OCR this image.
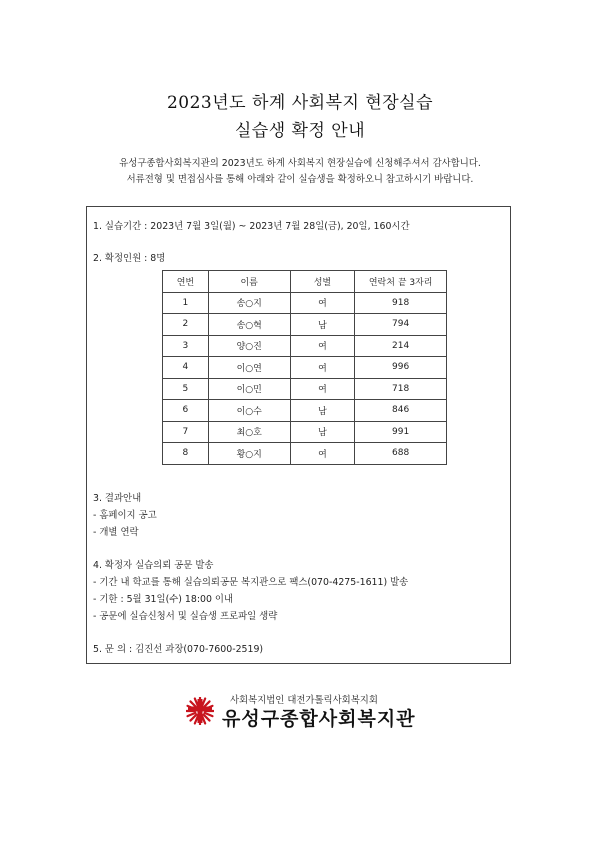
2023년도 하계 사회복지 현장실습
실습생 확정 안내
유성구종합사회복지관의 2023년도 하계 사회복지 현장실습에 신청해주셔서 감사합니다.
서류전형 및 면접심사를 통해 아래와 같이 실습생을 확정하오니 참고하시기 바랍니다.
1. 실습기간 : 2023년 7월 3일(월) ~ 2023년 7월 28일(금), 20일, 160시간
2. 확정인원 : 8명
연번	이름	성별	연락처 끝 3자리
1	송○지	여	918
2	송○혁	남	794
3	양○진	여	214
4	이○연	여	996
5	이○민	여	718
6	이○수	남	846
7	최○호	남	991
8	황○지	여	688
3. 결과안내
- 홈페이지 공고
- 개별 연락
4. 확정자 실습의뢰 공문 발송
- 기간 내 학교를 통해 실습의뢰공문 복지관으로 팩스(070-4275-1611) 발송
- 기한 : 5월 31일(수) 18:00 이내
- 공문에 실습신청서 및 실습생 프로파일 생략
5. 문 의 : 김진선 과장(070-7600-2519)
사회복지법인 대전가톨릭사회복지회
유성구종합사회복지관
